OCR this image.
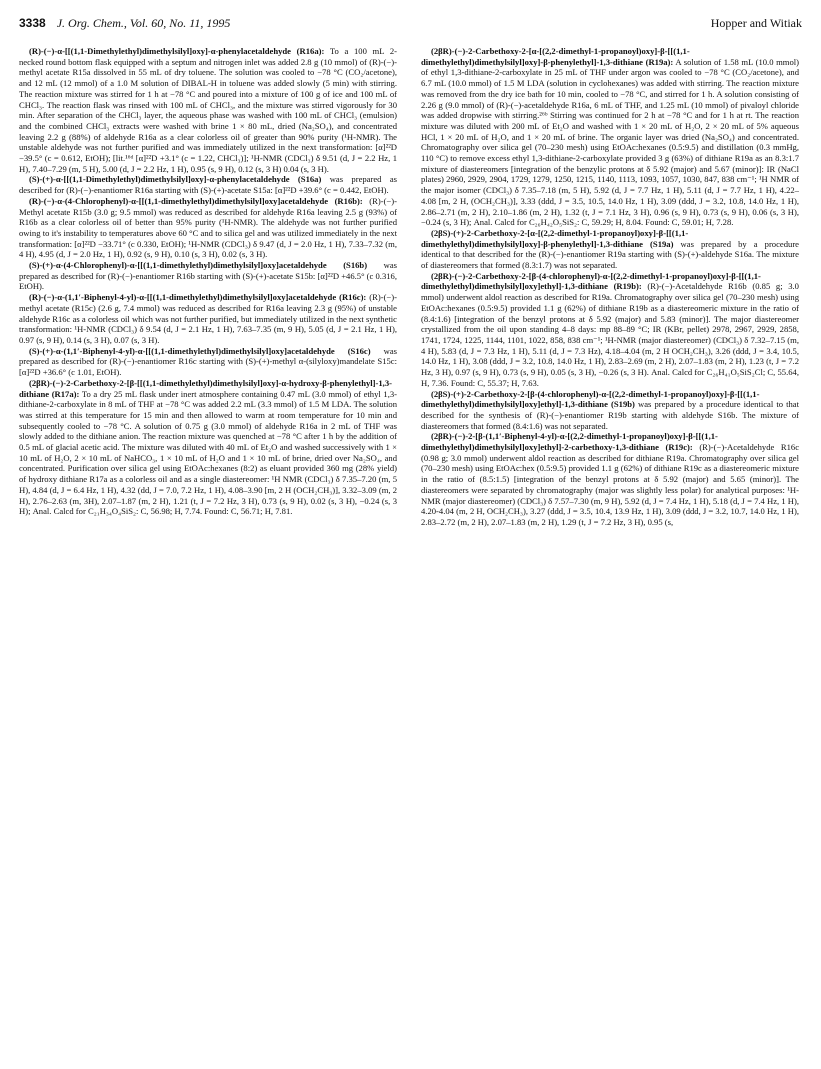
3338 J. Org. Chem., Vol. 60, No. 11, 1995	Hopper and Witiak

(R)-(−)-α-[[(1,1-Dimethylethyl)dimethylsilyl]oxy]-α-phenylacetaldehyde (R16a): To a 100 mL 2-necked round bottom flask equipped with a septum and nitrogen inlet was added 2.8 g (10 mmol) of (R)-(−)-methyl acetate R15a dissolved in 55 mL of dry toluene. The solution was cooled to −78 °C (CO₂/acetone), and 12 mL (12 mmol) of a 1.0 M solution of DIBAL-H in toluene was added slowly (5 min) with stirring. The reaction mixture was stirred for 1 h at −78 °C and poured into a mixture of 100 g of ice and 100 mL of CHCl₃. The reaction flask was rinsed with 100 mL of CHCl₃, and the mixture was stirred vigorously for 30 min. After separation of the CHCl₃ layer, the aqueous phase was washed with 100 mL of CHCl₃ (emulsion) and the combined CHCl₃ extracts were washed with brine 1 × 80 mL, dried (Na₂SO₄), and concentrated leaving 2.2 g (88%) of aldehyde R16a as a clear colorless oil of greater than 90% purity (¹H-NMR). The unstable aldehyde was not further purified and was immediately utilized in the next transformation: [α]²²D −39.5° (c = 0.612, EtOH); [lit.¹⁶ᵈ [α]²²D +3.1° (c = 1.22, CHCl₃)]; ¹H-NMR (CDCl₃) δ 9.51 (d, J = 2.2 Hz, 1 H), 7.40–7.29 (m, 5 H), 5.00 (d, J = 2.2 Hz, 1 H), 0.95 (s, 9 H), 0.12 (s, 3 H) 0.04 (s, 3 H).

(S)-(+)-α-[[(1,1-Dimethylethyl)dimethylsilyl]oxy]-α-phenylacetaldehyde (S16a) was prepared as described for (R)-(−)-enantiomer R16a starting with (S)-(+)-acetate S15a: [α]²²D +39.6° (c = 0.442, EtOH).

(R)-(−)-α-(4-Chlorophenyl)-α-[[(1,1-dimethylethyl)dimethylsilyl]oxy]acetaldehyde (R16b): (R)-(−)-Methyl acetate R15b (3.0 g; 9.5 mmol) was reduced as described for aldehyde R16a leaving 2.5 g (93%) of R16b as a clear colorless oil of better than 95% purity (¹H-NMR). The aldehyde was not further purified owing to it's instability to temperatures above 60 °C and to silica gel and was utilized immediately in the next transformation: [α]²²D −33.71° (c 0.330, EtOH); ¹H-NMR (CDCl₃) δ 9.47 (d, J = 2.0 Hz, 1 H), 7.33–7.32 (m, 4 H), 4.95 (d, J = 2.0 Hz, 1 H), 0.92 (s, 9 H), 0.10 (s, 3 H), 0.02 (s, 3 H).

(S)-(+)-α-(4-Chlorophenyl)-α-[[(1,1-dimethylethyl)dimethylsilyl]oxy]acetaldehyde (S16b) was prepared as described for (R)-(−)-enantiomer R16b starting with (S)-(+)-acetate S15b: [α]²²D +46.5° (c 0.316, EtOH).

(R)-(−)-α-(1,1′-Biphenyl-4-yl)-α-[[(1,1-dimethylethyl)dimethylsilyl]oxy]acetaldehyde (R16c): (R)-(−)-methyl acetate (R15c) (2.6 g, 7.4 mmol) was reduced as described for R16a leaving 2.3 g (95%) of unstable aldehyde R16c as a colorless oil which was not further purified, but immediately utilized in the next synthetic transformation: ¹H-NMR (CDCl₃) δ 9.54 (d, J = 2.1 Hz, 1 H), 7.63–7.35 (m, 9 H), 5.05 (d, J = 2.1 Hz, 1 H), 0.97 (s, 9 H), 0.14 (s, 3 H), 0.07 (s, 3 H).

(S)-(+)-α-(1,1′-Biphenyl-4-yl)-α-[[(1,1-dimethylethyl)dimethylsilyl]oxy]acetaldehyde (S16c) was prepared as described for (R)-(−)-enantiomer R16c starting with (S)-(+)-methyl α-(silyloxy)mandelate S15c: [α]²²D +36.6° (c 1.01, EtOH).

(2βR)-(−)-2-Carbethoxy-2-[β-[[(1,1-dimethylethyl)dimethylsilyl]oxy]-α-hydroxy-β-phenylethyl]-1,3-dithiane (R17a): To a dry 25 mL flask under inert atmosphere containing 0.47 mL (3.0 mmol) of ethyl 1,3-dithiane-2-carboxylate in 8 mL of THF at −78 °C was added 2.2 mL (3.3 mmol) of 1.5 M LDA. The solution was stirred at this temperature for 15 min and then allowed to warm at room temperature for 10 min and subsequently cooled to −78 °C. A solution of 0.75 g (3.0 mmol) of aldehyde R16a in 2 mL of THF was slowly added to the dithiane anion. The reaction mixture was quenched at −78 °C after 1 h by the addition of 0.5 mL of glacial acetic acid. The mixture was diluted with 40 mL of Et₂O and washed successively with 1 × 10 mL of H₂O, 2 × 10 mL of NaHCO₃, 1 × 10 mL of H₂O and 1 × 10 mL of brine, dried over Na₂SO₄, and concentrated. Purification over silica gel using EtOAc:hexanes (8:2) as eluant provided 360 mg (28% yield) of hydroxy dithiane R17a as a colorless oil and as a single diastereomer: ¹H NMR (CDCl₃) δ 7.35–7.20 (m, 5 H), 4.84 (d, J = 6.4 Hz, 1 H), 4.32 (dd, J = 7.0, 7.2 Hz, 1 H), 4.08–3.90 [m, 2 H (OCH₂CH₃)], 3.32–3.09 (m, 2 H), 2.76–2.63 (m, 3H), 2.07–1.87 (m, 2 H), 1.21 (t, J = 7.2 Hz, 3 H), 0.73 (s, 9 H), 0.02 (s, 3 H), −0.24 (s, 3 H); Anal. Calcd for C₂₁H₃₄O₄SiS₂: C, 56.98; H, 7.74. Found: C, 56.71; H, 7.81.

(2βR)-(−)-2-Carbethoxy-2-[α-[(2,2-dimethyl-1-propanoyl)oxy]-β-[[(1,1-dimethylethyl)dimethylsilyl]oxy]-β-phenylethyl]-1,3-dithiane (R19a): A solution of 1.58 mL (10.0 mmol) of ethyl 1,3-dithiane-2-carboxylate in 25 mL of THF under argon was cooled to −78 °C (CO₂/acetone), and 6.7 mL (10.0 mmol) of 1.5 M LDA (solution in cyclohexanes) was added with stirring. The reaction mixture was removed from the dry ice bath for 10 min, cooled to −78 °C, and stirred for 1 h. A solution consisting of 2.26 g (9.0 mmol) of (R)-(−)-acetaldehyde R16a, 6 mL of THF, and 1.25 mL (10 mmol) of pivaloyl chloride was added dropwise with stirring.²⁶ᵇ Stirring was continued for 2 h at −78 °C and for 1 h at rt. The reaction mixture was diluted with 200 mL of Et₂O and washed with 1 × 20 mL of H₂O, 2 × 20 mL of 5% aqueous HCl, 1 × 20 mL of H₂O, and 1 × 20 mL of brine. The organic layer was dried (Na₂SO₄) and concentrated. Chromatography over silica gel (70–230 mesh) using EtOAc:hexanes (0.5:9.5) and distillation (0.3 mmHg, 110 °C) to remove excess ethyl 1,3-dithiane-2-carboxylate provided 3 g (63%) of dithiane R19a as an 8.3:1.7 mixture of diastereomers [integration of the benzylic protons at δ 5.92 (major) and 5.67 (minor)]: IR (NaCl plates) 2960, 2929, 2904, 1729, 1279, 1250, 1215, 1140, 1113, 1093, 1057, 1030, 847, 838 cm⁻¹; ¹H NMR of the major isomer (CDCl₃) δ 7.35–7.18 (m, 5 H), 5.92 (d, J = 7.7 Hz, 1 H), 5.11 (d, J = 7.7 Hz, 1 H), 4.22–4.08 [m, 2 H, (OCH₂CH₃)], 3.33 (ddd, J = 3.5, 10.5, 14.0 Hz, 1 H), 3.09 (ddd, J = 3.2, 10.8, 14.0 Hz, 1 H), 2.86–2.71 (m, 2 H), 2.10–1.86 (m, 2 H), 1.32 (t, J = 7.1 Hz, 3 H), 0.96 (s, 9 H), 0.73 (s, 9 H), 0.06 (s, 3 H), −0.24 (s, 3 H); Anal. Calcd for C₂₆H₄₂O₅SiS₂: C, 59.29; H, 8.04. Found: C, 59.01; H, 7.28.

(2βS)-(+)-2-Carbethoxy-2-[α-[(2,2-dimethyl-1-propanoyl)oxy]-β-[[(1,1-dimethylethyl)dimethylsilyl]oxy]-β-phenylethyl]-1,3-dithiane (S19a) was prepared by a procedure identical to that described for the (R)-(−)-enantiomer R19a starting with (S)-(+)-aldehyde S16a. The mixture of diastereomers that formed (8.3:1.7) was not separated.

(2βR)-(−)-2-Carbethoxy-2-[β-(4-chlorophenyl)-α-[(2,2-dimethyl-1-propanoyl)oxy]-β-[[(1,1-dimethylethyl)dimethylsilyl]oxy]ethyl]-1,3-dithiane (R19b): (R)-(−)-Acetaldehyde R16b (0.85 g; 3.0 mmol) underwent aldol reaction as described for R19a. Chromatography over silica gel (70–230 mesh) using EtOAc:hexanes (0.5:9.5) provided 1.1 g (62%) of dithiane R19b as a diastereomeric mixture in the ratio of (8.4:1.6) [integration of the benzyl protons at δ 5.92 (major) and 5.83 (minor)]. The major diastereomer crystallized from the oil upon standing 4–8 days: mp 88–89 °C; IR (KBr, pellet) 2978, 2967, 2929, 2858, 1741, 1724, 1225, 1144, 1101, 1022, 858, 838 cm⁻¹; ¹H-NMR (major diastereomer) (CDCl₃) δ 7.32–7.15 (m, 4 H), 5.83 (d, J = 7.3 Hz, 1 H), 5.11 (d, J = 7.3 Hz), 4.18–4.04 (m, 2 H OCH₂CH₃), 3.26 (ddd, J = 3.4, 10.5, 14.0 Hz, 1 H), 3.08 (ddd, J = 3.2, 10.8, 14.0 Hz, 1 H), 2.83–2.69 (m, 2 H), 2.07–1.83 (m, 2 H), 1.23 (t, J = 7.2 Hz, 3 H), 0.97 (s, 9 H), 0.73 (s, 9 H), 0.05 (s, 3 H), −0.26 (s, 3 H). Anal. Calcd for C₂₆H₄₁O₅SiS₂Cl; C, 55.64, H, 7.36. Found: C, 55.37; H, 7.63.

(2βS)-(+)-2-Carbethoxy-2-[β-(4-chlorophenyl)-α-[(2,2-dimethyl-1-propanoyl)oxy]-β-[[(1,1-dimethylethyl)dimethylsilyl]oxy]ethyl]-1,3-dithiane (S19b) was prepared by a procedure identical to that described for the synthesis of (R)-(−)-enantiomer R19b starting with aldehyde S16b. The mixture of diastereomers that formed (8.4:1.6) was not separated.

(2βR)-(−)-2-[β-(1,1′-Biphenyl-4-yl)-α-[(2,2-dimethyl-1-propanoyl)oxy]-β-[[(1,1-dimethylethyl)dimethylsilyl]oxy]ethyl]-2-carbethoxy-1,3-dithiane (R19c): (R)-(−)-Acetaldehyde R16c (0.98 g; 3.0 mmol) underwent aldol reaction as described for dithiane R19a. Chromatography over silica gel (70–230 mesh) using EtOAc:hex (0.5:9.5) provided 1.1 g (62%) of dithiane R19c as a diastereomeric mixture in the ratio of (8.5:1.5) [integration of the benzyl protons at δ 5.92 (major) and 5.65 (minor)]. The diastereomers were separated by chromatography (major was slightly less polar) for analytical purposes: ¹H-NMR (major diastereomer) (CDCl₃) δ 7.57–7.30 (m, 9 H), 5.92 (d, J = 7.4 Hz, 1 H), 5.18 (d, J = 7.4 Hz, 1 H), 4.20-4.04 (m, 2 H, OCH₂CH₃), 3.27 (ddd, J = 3.5, 10.4, 13.9 Hz, 1 H), 3.09 (ddd, J = 3.2, 10.7, 14.0 Hz, 1 H), 2.83–2.72 (m, 2 H), 2.07–1.83 (m, 2 H), 1.29 (t, J = 7.2 Hz, 3 H), 0.95 (s,
